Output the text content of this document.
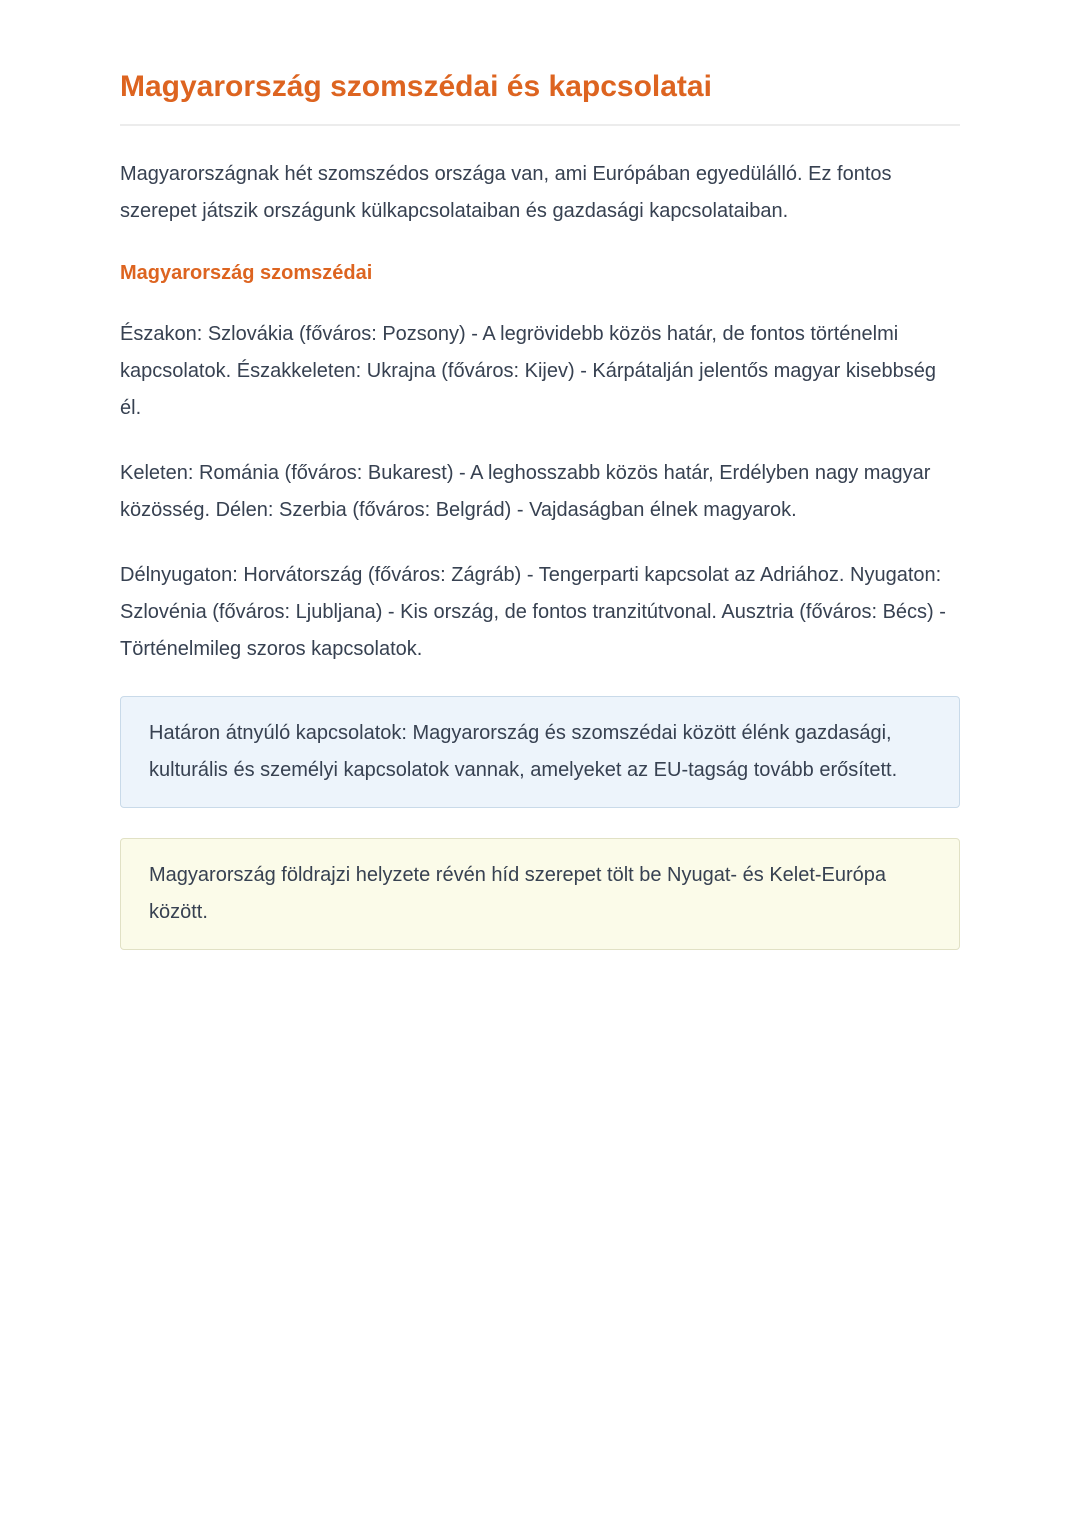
Magyarország szomszédai és kapcsolatai

Magyarországnak hét szomszédos országa van, ami Európában egyedülálló. Ez fontos szerepet játszik országunk külkapcsolataiban és gazdasági kapcsolataiban.

Magyarország szomszédai

Északon: Szlovákia (főváros: Pozsony) - A legrövidebb közös határ, de fontos történelmi kapcsolatok. Északkeleten: Ukrajna (főváros: Kijev) - Kárpátalján jelentős magyar kisebbség él.

Keleten: Románia (főváros: Bukarest) - A leghosszabb közös határ, Erdélyben nagy magyar közösség. Délen: Szerbia (főváros: Belgrád) - Vajdaságban élnek magyarok.

Délnyugaton: Horvátország (főváros: Zágráb) - Tengerparti kapcsolat az Adriához. Nyugaton: Szlovénia (főváros: Ljubljana) - Kis ország, de fontos tranzitútvonal. Ausztria (főváros: Bécs) - Történelmileg szoros kapcsolatok.

Határon átnyúló kapcsolatok: Magyarország és szomszédai között élénk gazdasági, kulturális és személyi kapcsolatok vannak, amelyeket az EU-tagság tovább erősített.

Magyarország földrajzi helyzete révén híd szerepet tölt be Nyugat- és Kelet-Európa között.
